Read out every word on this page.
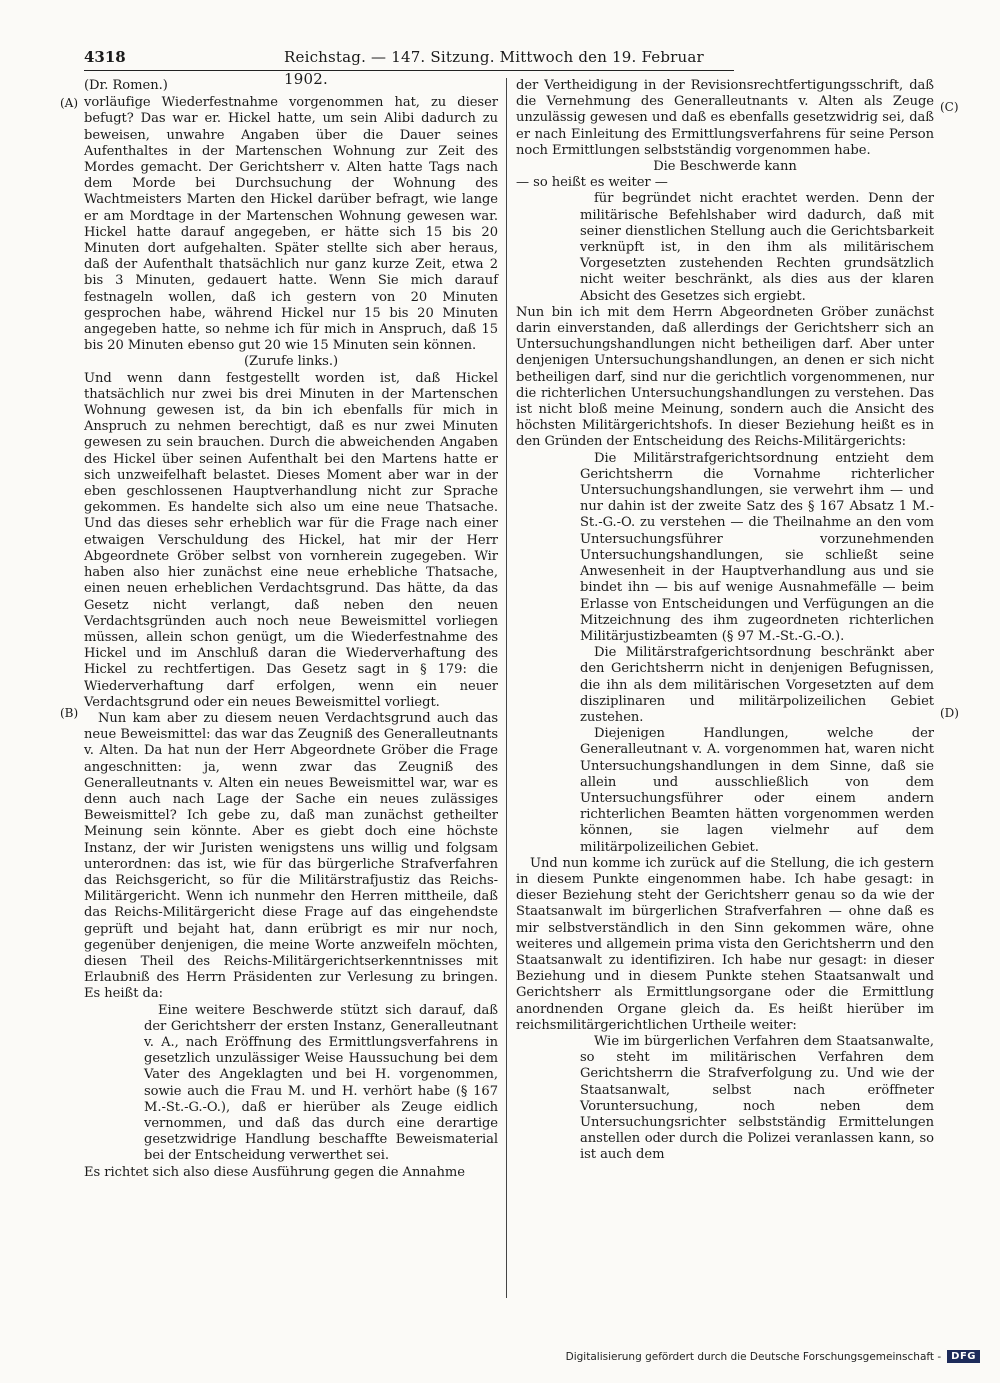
4318	Reichstag. — 147. Sitzung. Mittwoch den 19. Februar 1902.
(A)
(B)
(C)
(D)

(Dr. Romen.)

vorläufige Wiederfestnahme vorgenommen hat, zu dieser befugt? Das war er. Hickel hatte, um sein Alibi dadurch zu beweisen, unwahre Angaben über die Dauer seines Aufenthaltes in der Martenschen Wohnung zur Zeit des Mordes gemacht. Der Gerichtsherr v. Alten hatte Tags nach dem Morde bei Durchsuchung der Wohnung des Wachtmeisters Marten den Hickel darüber befragt, wie lange er am Mordtage in der Martenschen Wohnung gewesen war. Hickel hatte darauf angegeben, er hätte sich 15 bis 20 Minuten dort aufgehalten. Später stellte sich aber heraus, daß der Aufenthalt thatsächlich nur ganz kurze Zeit, etwa 2 bis 3 Minuten, gedauert hatte. Wenn Sie mich darauf festnageln wollen, daß ich gestern von 20 Minuten gesprochen habe, während Hickel nur 15 bis 20 Minuten angegeben hatte, so nehme ich für mich in Anspruch, daß 15 bis 20 Minuten ebenso gut 20 wie 15 Minuten sein können.

(Zurufe links.)

Und wenn dann festgestellt worden ist, daß Hickel thatsächlich nur zwei bis drei Minuten in der Martenschen Wohnung gewesen ist, da bin ich ebenfalls für mich in Anspruch zu nehmen berechtigt, daß es nur zwei Minuten gewesen zu sein brauchen. Durch die abweichenden Angaben des Hickel über seinen Aufenthalt bei den Martens hatte er sich unzweifelhaft belastet. Dieses Moment aber war in der eben geschlossenen Hauptverhandlung nicht zur Sprache gekommen. Es handelte sich also um eine neue Thatsache. Und das dieses sehr erheblich war für die Frage nach einer etwaigen Verschuldung des Hickel, hat mir der Herr Abgeordnete Gröber selbst von vornherein zugegeben. Wir haben also hier zunächst eine neue erhebliche Thatsache, einen neuen erheblichen Verdachtsgrund. Das hätte, da das Gesetz nicht verlangt, daß neben den neuen Verdachtsgründen auch noch neue Beweismittel vorliegen müssen, allein schon genügt, um die Wiederfestnahme des Hickel und im Anschluß daran die Wiederverhaftung des Hickel zu rechtfertigen. Das Gesetz sagt in § 179: die Wiederverhaftung darf erfolgen, wenn ein neuer Verdachtsgrund oder ein neues Beweismittel vorliegt.

Nun kam aber zu diesem neuen Verdachtsgrund auch das neue Beweismittel: das war das Zeugniß des Generalleutnants v. Alten. Da hat nun der Herr Abgeordnete Gröber die Frage angeschnitten: ja, wenn zwar das Zeugniß des Generalleutnants v. Alten ein neues Beweismittel war, war es denn auch nach Lage der Sache ein neues zulässiges Beweismittel? Ich gebe zu, daß man zunächst getheilter Meinung sein könnte. Aber es giebt doch eine höchste Instanz, der wir Juristen wenigstens uns willig und folgsam unterordnen: das ist, wie für das bürgerliche Strafverfahren das Reichsgericht, so für die Militärstrafjustiz das Reichs-Militärgericht. Wenn ich nunmehr den Herren mittheile, daß das Reichs-Militärgericht diese Frage auf das eingehendste geprüft und bejaht hat, dann erübrigt es mir nur noch, gegenüber denjenigen, die meine Worte anzweifeln möchten, diesen Theil des Reichs-Militärgerichtserkenntnisses mit Erlaubniß des Herrn Präsidenten zur Verlesung zu bringen. Es heißt da:

Eine weitere Beschwerde stützt sich darauf, daß der Gerichtsherr der ersten Instanz, Generalleutnant v. A., nach Eröffnung des Ermittlungsverfahrens in gesetzlich unzulässiger Weise Haussuchung bei dem Vater des Angeklagten und bei H. vorgenommen, sowie auch die Frau M. und H. verhört habe (§ 167 M.-St.-G.-O.), daß er hierüber als Zeuge eidlich vernommen, und daß das durch eine derartige gesetzwidrige Handlung beschaffte Beweismaterial bei der Entscheidung verwerthet sei.

Es richtet sich also diese Ausführung gegen die Annahme

der Vertheidigung in der Revisionsrechtfertigungsschrift, daß die Vernehmung des Generalleutnants v. Alten als Zeuge unzulässig gewesen und daß es ebenfalls gesetzwidrig sei, daß er nach Einleitung des Ermittlungsverfahrens für seine Person noch Ermittlungen selbstständig vorgenommen habe.

Die Beschwerde kann

— so heißt es weiter —

für begründet nicht erachtet werden. Denn der militärische Befehlshaber wird dadurch, daß mit seiner dienstlichen Stellung auch die Gerichtsbarkeit verknüpft ist, in den ihm als militärischem Vorgesetzten zustehenden Rechten grundsätzlich nicht weiter beschränkt, als dies aus der klaren Absicht des Gesetzes sich ergiebt.

Nun bin ich mit dem Herrn Abgeordneten Gröber zunächst darin einverstanden, daß allerdings der Gerichtsherr sich an Untersuchungshandlungen nicht betheiligen darf. Aber unter denjenigen Untersuchungshandlungen, an denen er sich nicht betheiligen darf, sind nur die gerichtlich vorgenommenen, nur die richterlichen Untersuchungshandlungen zu verstehen. Das ist nicht bloß meine Meinung, sondern auch die Ansicht des höchsten Militärgerichtshofs. In dieser Beziehung heißt es in den Gründen der Entscheidung des Reichs-Militärgerichts:

Die Militärstrafgerichtsordnung entzieht dem Gerichtsherrn die Vornahme richterlicher Untersuchungshandlungen, sie verwehrt ihm — und nur dahin ist der zweite Satz des § 167 Absatz 1 M.-St.-G.-O. zu verstehen — die Theilnahme an den vom Untersuchungsführer vorzunehmenden Untersuchungshandlungen, sie schließt seine Anwesenheit in der Hauptverhandlung aus und sie bindet ihn — bis auf wenige Ausnahmefälle — beim Erlasse von Entscheidungen und Verfügungen an die Mitzeichnung des ihm zugeordneten richterlichen Militärjustizbeamten (§ 97 M.-St.-G.-O.).

Die Militärstrafgerichtsordnung beschränkt aber den Gerichtsherrn nicht in denjenigen Befugnissen, die ihn als dem militärischen Vorgesetzten auf dem disziplinaren und militärpolizeilichen Gebiet zustehen.

Diejenigen Handlungen, welche der Generalleutnant v. A. vorgenommen hat, waren nicht Untersuchungshandlungen in dem Sinne, daß sie allein und ausschließlich von dem Untersuchungsführer oder einem andern richterlichen Beamten hätten vorgenommen werden können, sie lagen vielmehr auf dem militärpolizeilichen Gebiet.

Und nun komme ich zurück auf die Stellung, die ich gestern in diesem Punkte eingenommen habe. Ich habe gesagt: in dieser Beziehung steht der Gerichtsherr genau so da wie der Staatsanwalt im bürgerlichen Strafverfahren — ohne daß es mir selbstverständlich in den Sinn gekommen wäre, ohne weiteres und allgemein prima vista den Gerichtsherrn und den Staatsanwalt zu identifiziren. Ich habe nur gesagt: in dieser Beziehung und in diesem Punkte stehen Staatsanwalt und Gerichtsherr als Ermittlungsorgane oder die Ermittlung anordnenden Organe gleich da. Es heißt hierüber im reichsmilitärgerichtlichen Urtheile weiter:

Wie im bürgerlichen Verfahren dem Staatsanwalte, so steht im militärischen Verfahren dem Gerichtsherrn die Strafverfolgung zu. Und wie der Staatsanwalt, selbst nach eröffneter Voruntersuchung, noch neben dem Untersuchungsrichter selbstständig Ermittelungen anstellen oder durch die Polizei veranlassen kann, so ist auch dem

Digitalisierung gefördert durch die Deutsche Forschungsgemeinschaft -	DFG
